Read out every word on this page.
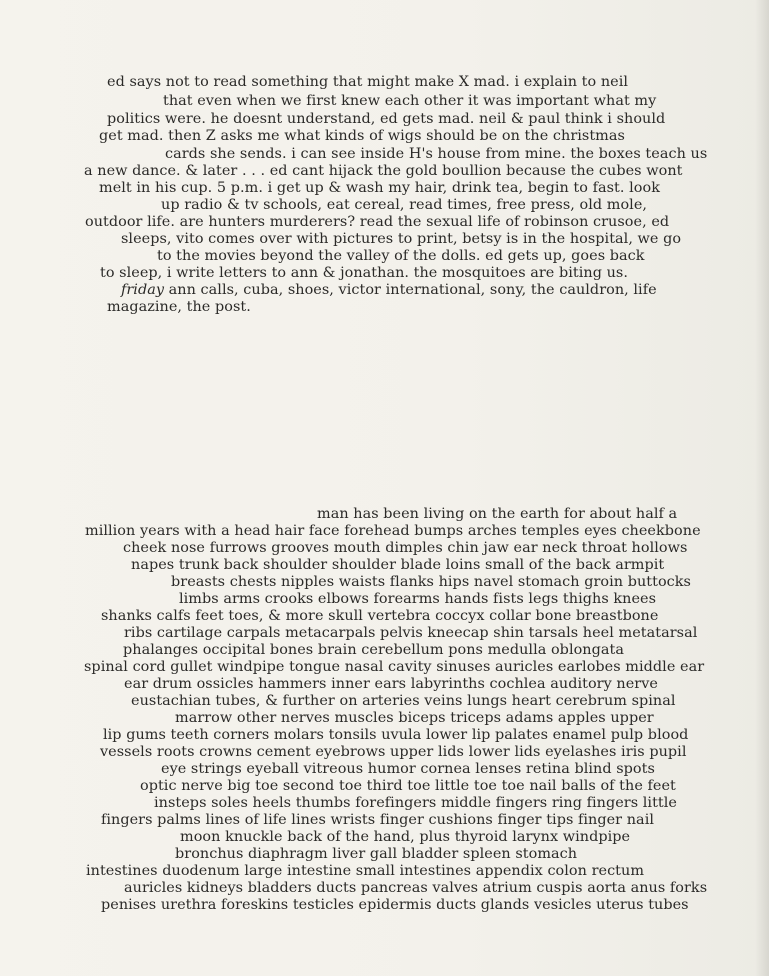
ed says not to read something that might make X mad. i explain to neil
that even when we first knew each other it was important what my
politics were. he doesnt understand, ed gets mad. neil & paul think i should
get mad. then Z asks me what kinds of wigs should be on the christmas
cards she sends. i can see inside H's house from mine. the boxes teach us
a new dance. & later . . . ed cant hijack the gold boullion because the cubes wont
melt in his cup. 5 p.m. i get up & wash my hair, drink tea, begin to fast. look
up radio & tv schools, eat cereal, read times, free press, old mole,
outdoor life. are hunters murderers? read the sexual life of robinson crusoe, ed
sleeps, vito comes over with pictures to print, betsy is in the hospital, we go
to the movies beyond the valley of the dolls. ed gets up, goes back
to sleep, i write letters to ann & jonathan. the mosquitoes are biting us.
friday ann calls, cuba, shoes, victor international, sony, the cauldron, life
magazine, the post.
man has been living on the earth for about half a
million years with a head hair face forehead bumps arches temples eyes cheekbone
cheek nose furrows grooves mouth dimples chin jaw ear neck throat hollows
napes trunk back shoulder shoulder blade loins small of the back armpit
breasts chests nipples waists flanks hips navel stomach groin buttocks
limbs arms crooks elbows forearms hands fists legs thighs knees
shanks calfs feet toes, & more skull vertebra coccyx collar bone breastbone
ribs cartilage carpals metacarpals pelvis kneecap shin tarsals heel metatarsal
phalanges occipital bones brain cerebellum pons medulla oblongata
spinal cord gullet windpipe tongue nasal cavity sinuses auricles earlobes middle ear
ear drum ossicles hammers inner ears labyrinths cochlea auditory nerve
eustachian tubes, & further on arteries veins lungs heart cerebrum spinal
marrow other nerves muscles biceps triceps adams apples upper
lip gums teeth corners molars tonsils uvula lower lip palates enamel pulp blood
vessels roots crowns cement eyebrows upper lids lower lids eyelashes iris pupil
eye strings eyeball vitreous humor cornea lenses retina blind spots
optic nerve big toe second toe third toe little toe toe nail balls of the feet
insteps soles heels thumbs forefingers middle fingers ring fingers little
fingers palms lines of life lines wrists finger cushions finger tips finger nail
moon knuckle back of the hand, plus thyroid larynx windpipe
bronchus diaphragm liver gall bladder spleen stomach
intestines duodenum large intestine small intestines appendix colon rectum
auricles kidneys bladders ducts pancreas valves atrium cuspis aorta anus forks
penises urethra foreskins testicles epidermis ducts glands vesicles uterus tubes
